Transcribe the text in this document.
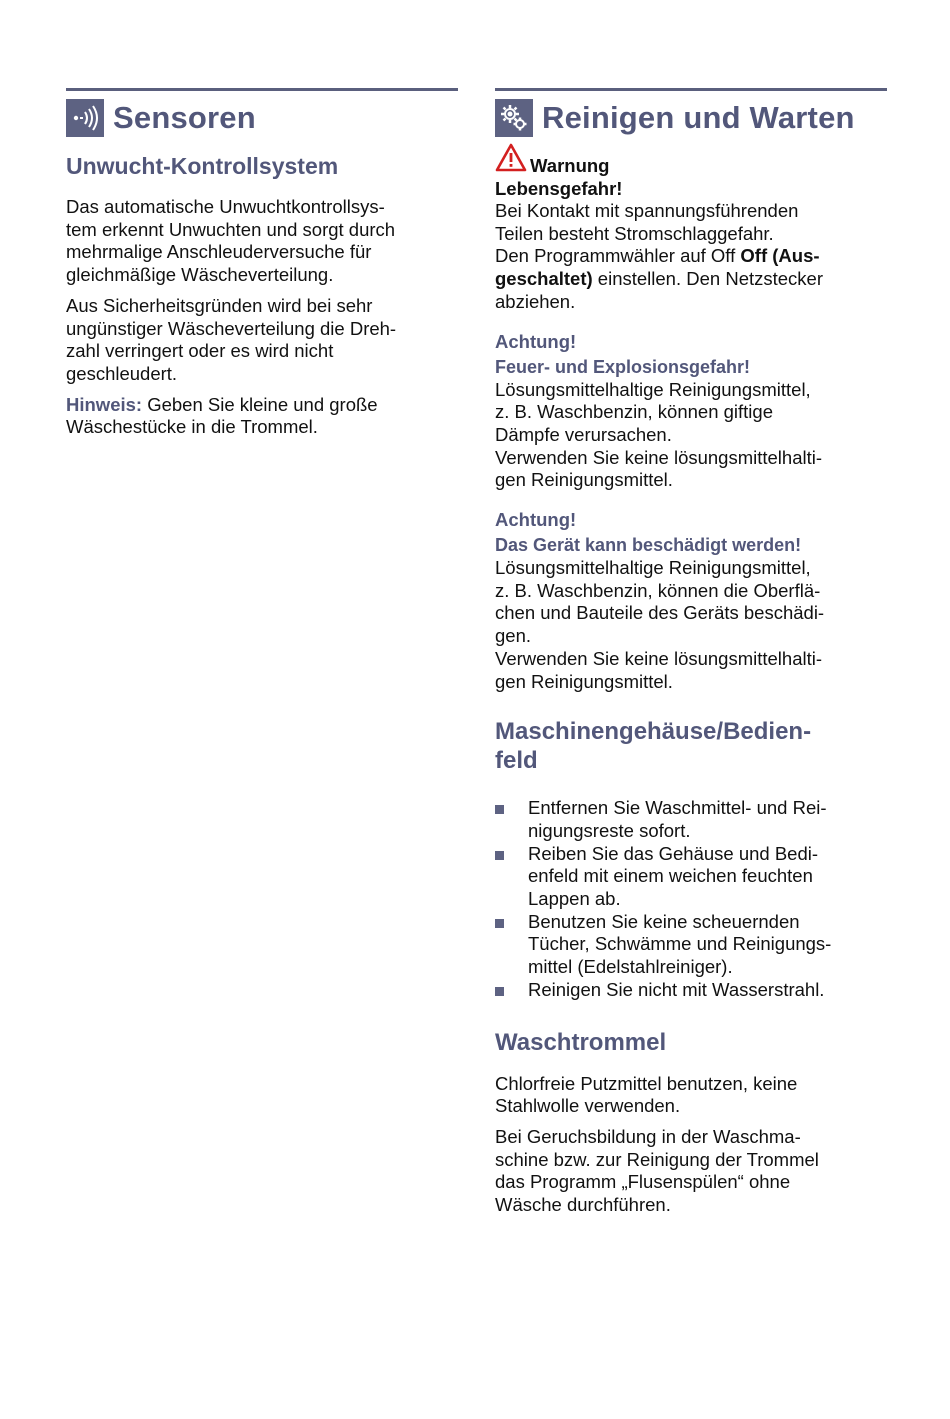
Sensoren
Unwucht-Kontrollsystem

Das automatische Unwuchtkontrollsys-
tem erkennt Unwuchten und sorgt durch
mehrmalige Anschleuderversuche für
gleichmäßige Wäscheverteilung.

Aus Sicherheitsgründen wird bei sehr
ungünstiger Wäscheverteilung die Dreh-
zahl verringert oder es wird nicht
geschleudert.

Hinweis: Geben Sie kleine und große
Wäschestücke in die Trommel.

Reinigen und Warten
Warnung
Lebensgefahr!

Bei Kontakt mit spannungsführenden
Teilen besteht Stromschlaggefahr.
Den Programmwähler auf Off Off (Aus-
geschaltet) einstellen. Den Netzstecker
abziehen.

Achtung!
Feuer- und Explosionsgefahr!

Lösungsmittelhaltige Reinigungsmittel,
z. B. Waschbenzin, können giftige
Dämpfe verursachen.
Verwenden Sie keine lösungsmittelhalti-
gen Reinigungsmittel.

Achtung!
Das Gerät kann beschädigt werden!

Lösungsmittelhaltige Reinigungsmittel,
z. B. Waschbenzin, können die Oberflä-
chen und Bauteile des Geräts beschädi-
gen.
Verwenden Sie keine lösungsmittelhalti-
gen Reinigungsmittel.

Maschinengehäuse/Bedien-
feld
Entfernen Sie Waschmittel- und Rei-
nigungsreste sofort.
Reiben Sie das Gehäuse und Bedi-
enfeld mit einem weichen feuchten
Lappen ab.
Benutzen Sie keine scheuernden
Tücher, Schwämme und Reinigungs-
mittel (Edelstahlreiniger).
Reinigen Sie nicht mit Wasserstrahl.
Waschtrommel

Chlorfreie Putzmittel benutzen, keine
Stahlwolle verwenden.

Bei Geruchsbildung in der Waschma-
schine bzw. zur Reinigung der Trommel
das Programm „Flusenspülen“ ohne
Wäsche durchführen.
